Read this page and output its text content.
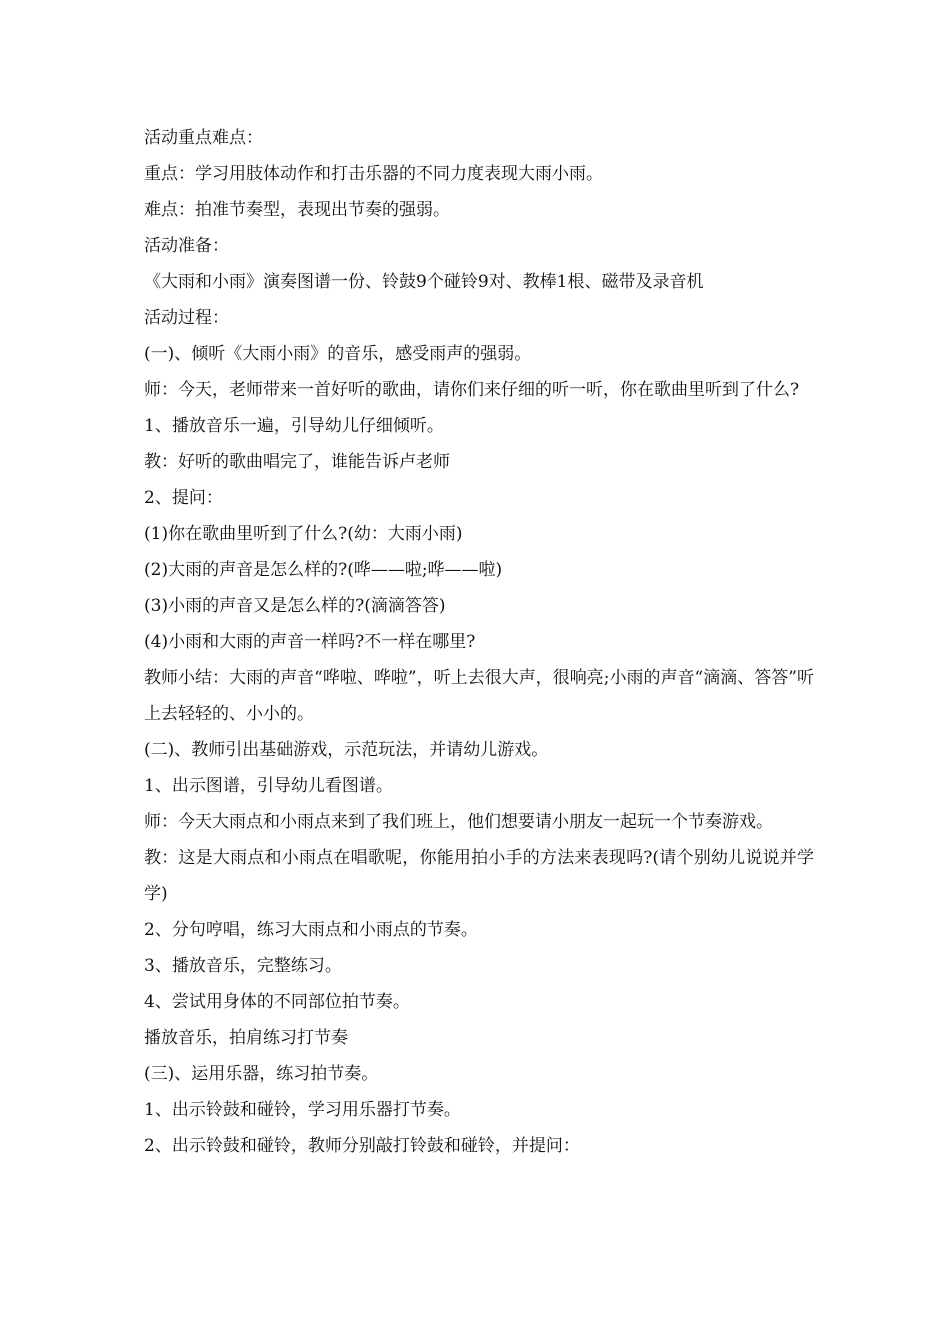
活动重点难点：

重点：学习用肢体动作和打击乐器的不同力度表现大雨小雨。

难点：拍准节奏型，表现出节奏的强弱。

活动准备：

《大雨和小雨》演奏图谱一份、铃鼓9个碰铃9对、教棒1根、磁带及录音机

活动过程：

(一)、倾听《大雨小雨》的音乐，感受雨声的强弱。

师：今天，老师带来一首好听的歌曲，请你们来仔细的听一听，你在歌曲里听到了什么?

1、播放音乐一遍，引导幼儿仔细倾听。

教：好听的歌曲唱完了，谁能告诉卢老师

2、提问：

(1)你在歌曲里听到了什么?(幼：大雨小雨)

(2)大雨的声音是怎么样的?(哗——啦;哗——啦)

(3)小雨的声音又是怎么样的?(滴滴答答)

(4)小雨和大雨的声音一样吗?不一样在哪里?

教师小结：大雨的声音“哗啦、哗啦”，听上去很大声，很响亮;小雨的声音“滴滴、答答”听上去轻轻的、小小的。

(二)、教师引出基础游戏，示范玩法，并请幼儿游戏。

1、出示图谱，引导幼儿看图谱。

师：今天大雨点和小雨点来到了我们班上，他们想要请小朋友一起玩一个节奏游戏。

教：这是大雨点和小雨点在唱歌呢，你能用拍小手的方法来表现吗?(请个别幼儿说说并学学)

2、分句哼唱，练习大雨点和小雨点的节奏。

3、播放音乐，完整练习。

4、尝试用身体的不同部位拍节奏。

播放音乐，拍肩练习打节奏

(三)、运用乐器，练习拍节奏。

1、出示铃鼓和碰铃，学习用乐器打节奏。

2、出示铃鼓和碰铃，教师分别敲打铃鼓和碰铃，并提问：
